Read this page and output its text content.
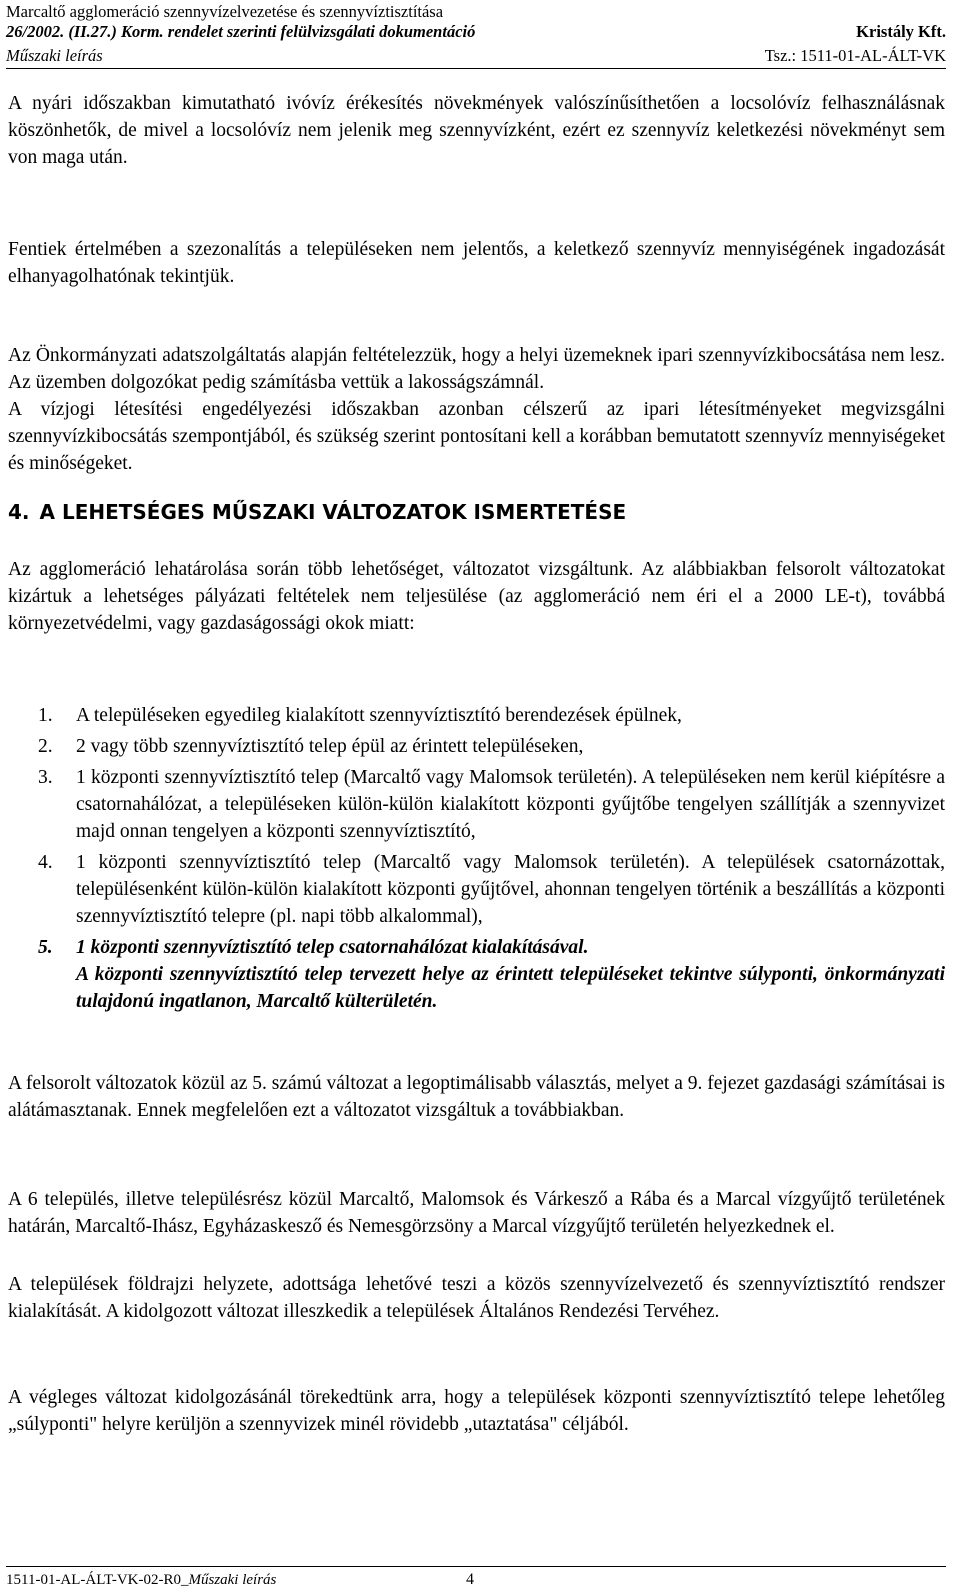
Marcaltő agglomeráció szennyvízelvezetése és szennyvíztisztítása
26/2002. (II.27.) Korm. rendelet szerinti felülvizsgálati dokumentáció	Kristály Kft.
Műszaki leírás	Tsz.: 1511-01-AL-ÁLT-VK

A nyári időszakban kimutatható ivóvíz érékesítés növekmények valószínűsíthetően a locsolóvíz felhasználásnak köszönhetők, de mivel a locsolóvíz nem jelenik meg szennyvízként, ezért ez szennyvíz keletkezési növekményt sem von maga után.

Fentiek értelmében a szezonalítás a településeken nem jelentős, a keletkező szennyvíz mennyiségének ingadozását elhanyagolhatónak tekintjük.

Az Önkormányzati adatszolgáltatás alapján feltételezzük, hogy a helyi üzemeknek ipari szennyvízkibocsátása nem lesz. Az üzemben dolgozókat pedig számításba vettük a lakosságszámnál.
A vízjogi létesítési engedélyezési időszakban azonban célszerű az ipari létesítményeket megvizsgálni szennyvízkibocsátás szempontjából, és szükség szerint pontosítani kell a korábban bemutatott szennyvíz mennyiségeket és minőségeket.

4. A LEHETSÉGES MŰSZAKI VÁLTOZATOK ISMERTETÉSE

Az agglomeráció lehatárolása során több lehetőséget, változatot vizsgáltunk. Az alábbiakban felsorolt változatokat kizártuk a lehetséges pályázati feltételek nem teljesülése (az agglomeráció nem éri el a 2000 LE-t), továbbá környezetvédelmi, vagy gazdaságossági okok miatt:

1. A településeken egyedileg kialakított szennyvíztisztító berendezések épülnek,
2. 2 vagy több szennyvíztisztító telep épül az érintett településeken,
3. 1 központi szennyvíztisztító telep (Marcaltő vagy Malomsok területén). A településeken nem kerül kiépítésre a csatornahálózat, a településeken külön-külön kialakított központi gyűjtőbe tengelyen szállítják a szennyvizet majd onnan tengelyen a központi szennyvíztisztító,
4. 1 központi szennyvíztisztító telep (Marcaltő vagy Malomsok területén). A települések csatornázottak, településenként külön-külön kialakított központi gyűjtővel, ahonnan tengelyen történik a beszállítás a központi szennyvíztisztító telepre (pl. napi több alkalommal),
5. 1 központi szennyvíztisztító telep csatornahálózat kialakításával.
A központi szennyvíztisztító telep tervezett helye az érintett településeket tekintve súlyponti, önkormányzati tulajdonú ingatlanon, Marcaltő külterületén.

A felsorolt változatok közül az 5. számú változat a legoptimálisabb választás, melyet a 9. fejezet gazdasági számításai is alátámasztanak. Ennek megfelelően ezt a változatot vizsgáltuk a továbbiakban.

A 6 település, illetve településrész közül Marcaltő, Malomsok és Várkesző a Rába és a Marcal vízgyűjtő területének határán, Marcaltő-Ihász, Egyházaskesző és Nemesgörzsöny a Marcal vízgyűjtő területén helyezkednek el.

A települések földrajzi helyzete, adottsága lehetővé teszi a közös szennyvízelvezető és szennyvíztisztító rendszer kialakítását. A kidolgozott változat illeszkedik a települések Általános Rendezési Tervéhez.

A végleges változat kidolgozásánál törekedtünk arra, hogy a települések központi szennyvíztisztító telepe lehetőleg „súlyponti" helyre kerüljön a szennyvizek minél rövidebb „utaztatása" céljából.

1511-01-AL-ÁLT-VK-02-R0_Műszaki leírás	4
